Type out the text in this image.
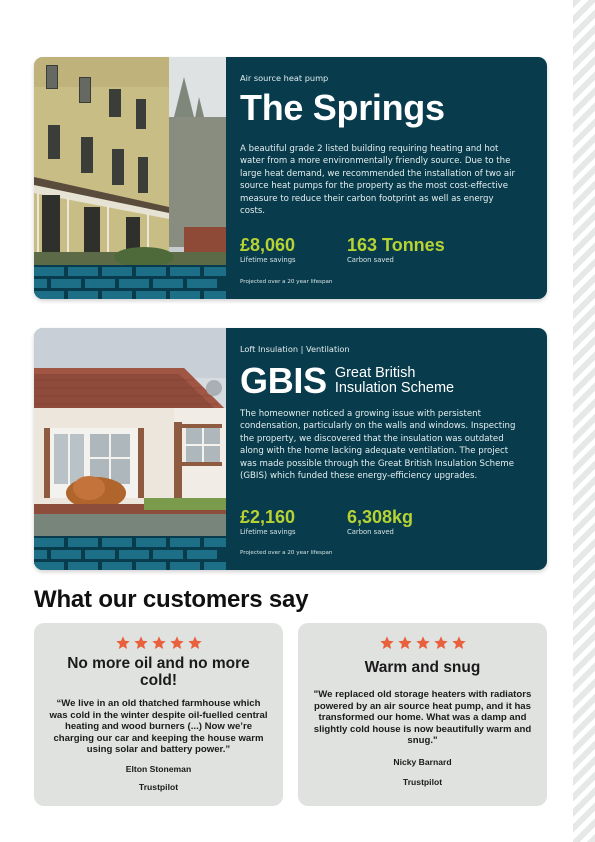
Air source heat pump
The Springs
A beautiful grade 2 listed building requiring heating and hot water from a more environmentally friendly source. Due to the large heat demand, we recommended the installation of two air source heat pumps for the property as the most cost-effective measure to reduce their carbon footprint as well as energy costs.
£8,060
Lifetime savings
163 Tonnes
Carbon saved
Projected over a 20 year lifespan
Loft Insulation | Ventilation
GBIS Great British
Insulation Scheme
The homeowner noticed a growing issue with persistent condensation, particularly on the walls and windows. Inspecting the property, we discovered that the insulation was outdated along with the home lacking adequate ventilation. The project was made possible through the Great British Insulation Scheme (GBIS) which funded these energy-efficiency upgrades.
£2,160
Lifetime savings
6,308kg
Carbon saved
Projected over a 20 year lifespan
What our customers say
No more oil and no more cold!
“We live in an old thatched farmhouse which was cold in the winter despite oil-fuelled central heating and wood burners (...) Now we’re charging our car and keeping the house warm using solar and battery power.”
Elton Stoneman
Trustpilot
Warm and snug
"We replaced old storage heaters with radiators powered by an air source heat pump, and it has transformed our home. What was a damp and slightly cold house is now beautifully warm and snug."
Nicky Barnard
Trustpilot
